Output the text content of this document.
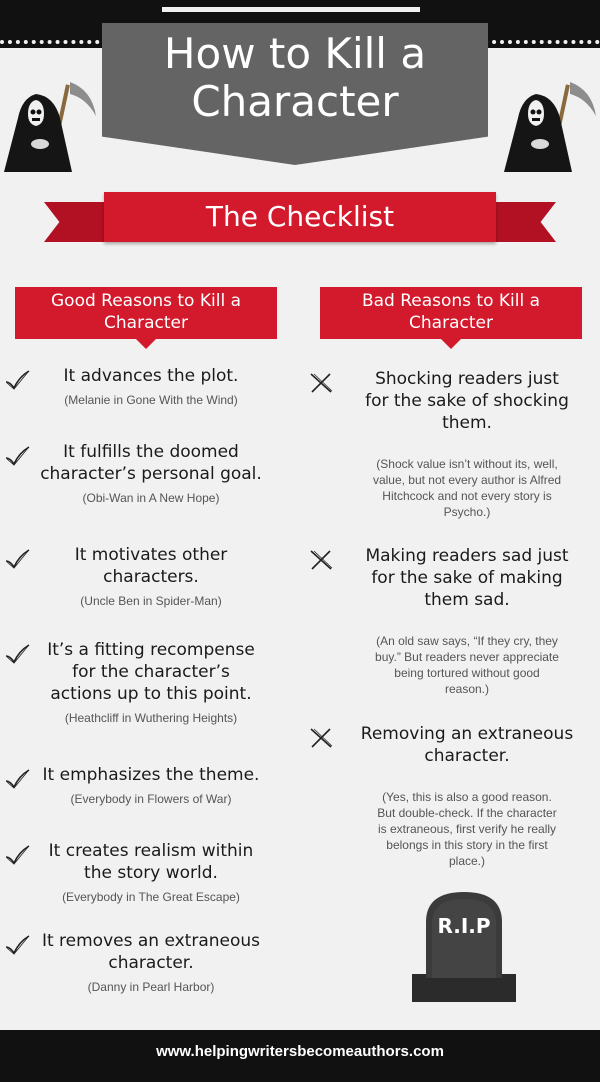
How to Kill a
Character
The Checklist
Good Reasons to Kill a
Character
Bad Reasons to Kill a
Character
It advances the plot.
(Melanie in Gone With the Wind)
It fulfills the doomed
character’s personal goal.
(Obi-Wan in A New Hope)
It motivates other
characters.
(Uncle Ben in Spider-Man)
It’s a fitting recompense
for the character’s
actions up to this point.
(Heathcliff in Wuthering Heights)
It emphasizes the theme.
(Everybody in Flowers of War)
It creates realism within
the story world.
(Everybody in The Great Escape)
It removes an extraneous
character.
(Danny in Pearl Harbor)
Shocking readers just
for the sake of shocking
them.
(Shock value isn’t without its, well,
value, but not every author is Alfred
Hitchcock and not every story is
Psycho.)
Making readers sad just
for the sake of making
them sad.
(An old saw says, “If they cry, they
buy.” But readers never appreciate
being tortured without good
reason.)
Removing an extraneous
character.
(Yes, this is also a good reason.
But double-check. If the character
is extraneous, first verify he really
belongs in this story in the first
place.)
R.I.P
www.helpingwritersbecomeauthors.com
